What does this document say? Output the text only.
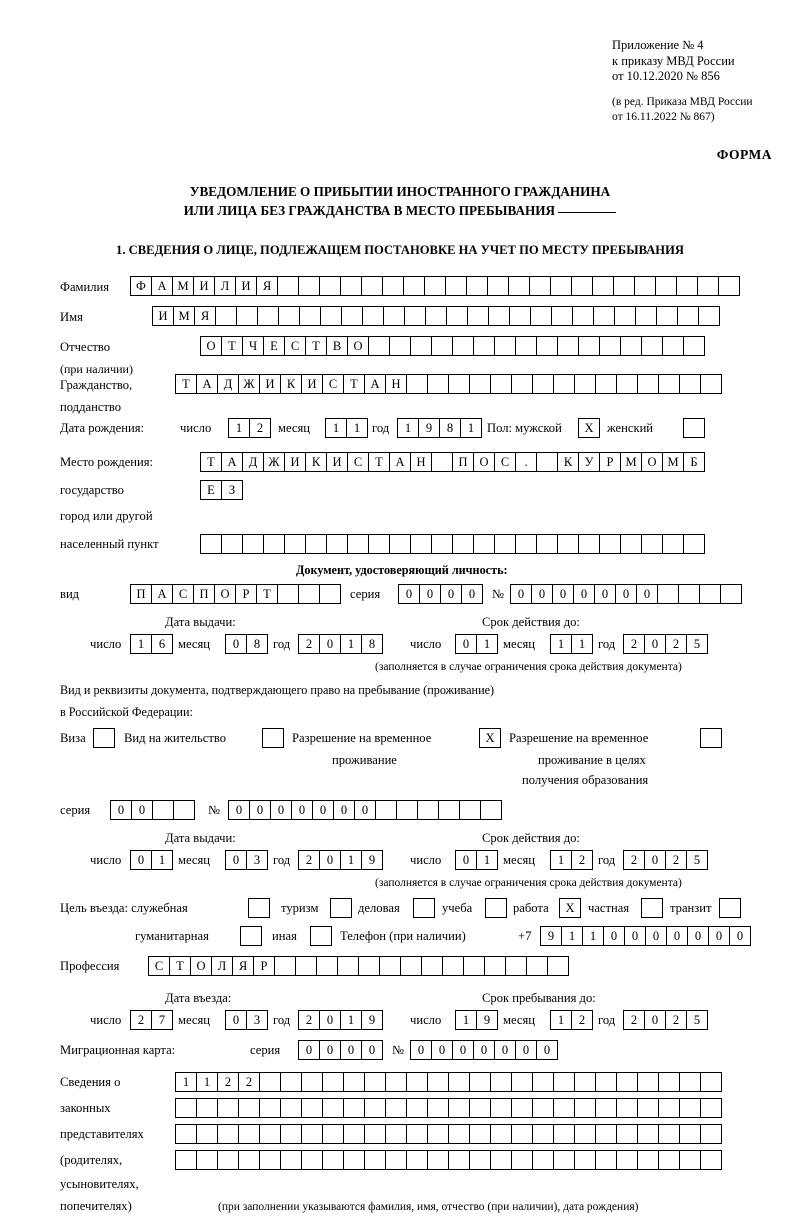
Приложение № 4
к приказу МВД России
от 10.12.2020 № 856
(в ред. Приказа МВД России
от 16.11.2022 № 867)
ФОРМА
УВЕДОМЛЕНИЕ О ПРИБЫТИИ ИНОСТРАННОГО ГРАЖДАНИНА
ИЛИ ЛИЦА БЕЗ ГРАЖДАНСТВА В МЕСТО ПРЕБЫВАНИЯ
1. СВЕДЕНИЯ О ЛИЦЕ, ПОДЛЕЖАЩЕМ ПОСТАНОВКЕ НА УЧЕТ ПО МЕСТУ ПРЕБЫВАНИЯ
Фамилия	Ф А М И Л И Я
Имя	И М Я
Отчество
(при наличии)
О	Т	Ч	Е	С	Т	В О
Гражданство,
подданство
Т	А Д Ж И К И С	Т	А Н
Дата рождения:	число	1	2	месяц	1	1 год	1	9	8	1	Пол: мужской	X	женский
Место рождения:	Т	А Д Ж И К И С	Т	А Н	П О С	.	К У	Р М О М Б
государство	Е	З
город или другой
населенный пункт
Документ, удостоверяющий личность:
вид	П А С П О	Р	Т	серия	0	0	0	0	№	0	0	0	0	0	0	0
Дата выдачи:	Срок действия до:
число	1	6	месяц	0	8	год	2	0	1	8	число	0	1	месяц	1	1	год	2	0	2	5
(заполняется в случае ограничения срока действия документа)
Вид и реквизиты документа, подтверждающего право на пребывание (проживание)
в Российской Федерации:
Виза	Вид на жительство	Разрешение на временное	X	Разрешение на временное
проживание	проживание в целях
получения образования
серия	0	0	№	0	0	0	0	0	0	0
Дата выдачи:	Срок действия до:
число	0	1	месяц	0	3	год	2	0	1	9	число	0	1	месяц	1	2	год	2	0	2	5
(заполняется в случае ограничения срока действия документа)
Цель въезда: служебная	туризм	деловая	учеба	работа	X	частная	транзит
гуманитарная	иная	Телефон (при наличии)	+7	9	1	1	0	0	0	0	0	0	0
Профессия	С	Т	О Л	Я	Р
Дата въезда:	Срок пребывания до:
число	2	7	месяц	0	3	год	2	0	1	9	число	1	9	месяц	1	2	год	2	0	2	5
Миграционная карта:	серия	0	0	0	0	№	0	0	0	0	0	0	0
Сведения о	1	1	2	2
законных
представителях
(родителях,
усыновителях,
попечителях)	(при заполнении указываются фамилия, имя, отчество (при наличии), дата рождения)
